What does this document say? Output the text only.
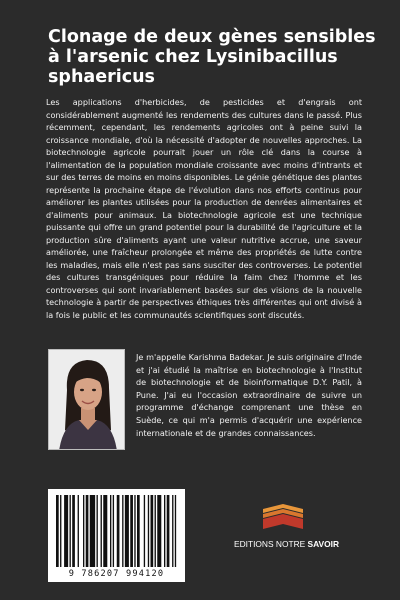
Clonage de deux gènes sensibles à l'arsenic chez Lysinibacillus sphaericus
Les applications d'herbicides, de pesticides et d'engrais ont considérablement augmenté les rendements des cultures dans le passé. Plus récemment, cependant, les rendements agricoles ont à peine suivi la croissance mondiale, d'où la nécessité d'adopter de nouvelles approches. La biotechnologie agricole pourrait jouer un rôle clé dans la course à l'alimentation de la population mondiale croissante avec moins d'intrants et sur des terres de moins en moins disponibles. Le génie génétique des plantes représente la prochaine étape de l'évolution dans nos efforts continus pour améliorer les plantes utilisées pour la production de denrées alimentaires et d'aliments pour animaux. La biotechnologie agricole est une technique puissante qui offre un grand potentiel pour la durabilité de l'agriculture et la production sûre d'aliments ayant une valeur nutritive accrue, une saveur améliorée, une fraîcheur prolongée et même des propriétés de lutte contre les maladies, mais elle n'est pas sans susciter des controverses. Le potentiel des cultures transgéniques pour réduire la faim chez l'homme et les controverses qui sont invariablement basées sur des visions de la nouvelle technologie à partir de perspectives éthiques très différentes qui ont divisé à la fois le public et les communautés scientifiques sont discutés.
Je m'appelle Karishma Badekar. Je suis originaire d'Inde et j'ai étudié la maîtrise en biotechnologie à l'Institut de biotechnologie et de bioinformatique D.Y. Patil, à Pune. J'ai eu l'occasion extraordinaire de suivre un programme d'échange comprenant une thèse en Suède, ce qui m'a permis d'acquérir une expérience internationale et de grandes connaissances.
9 786207 994120
EDITIONS NOTRE SAVOIR
